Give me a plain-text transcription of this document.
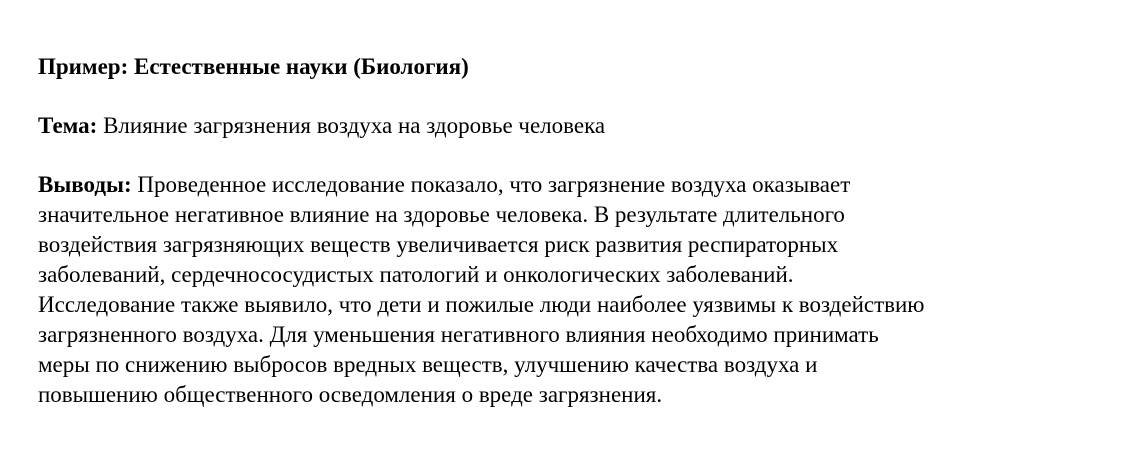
Пример: Естественные науки (Биология)

Тема: Влияние загрязнения воздуха на здоровье человека

Выводы: Проведенное исследование показало, что загрязнение воздуха оказывает
значительное негативное влияние на здоровье человека. В результате длительного
воздействия загрязняющих веществ увеличивается риск развития респираторных
заболеваний, сердечнососудистых патологий и онкологических заболеваний.
Исследование также выявило, что дети и пожилые люди наиболее уязвимы к воздействию
загрязненного воздуха. Для уменьшения негативного влияния необходимо принимать
меры по снижению выбросов вредных веществ, улучшению качества воздуха и
повышению общественного осведомления о вреде загрязнения.
